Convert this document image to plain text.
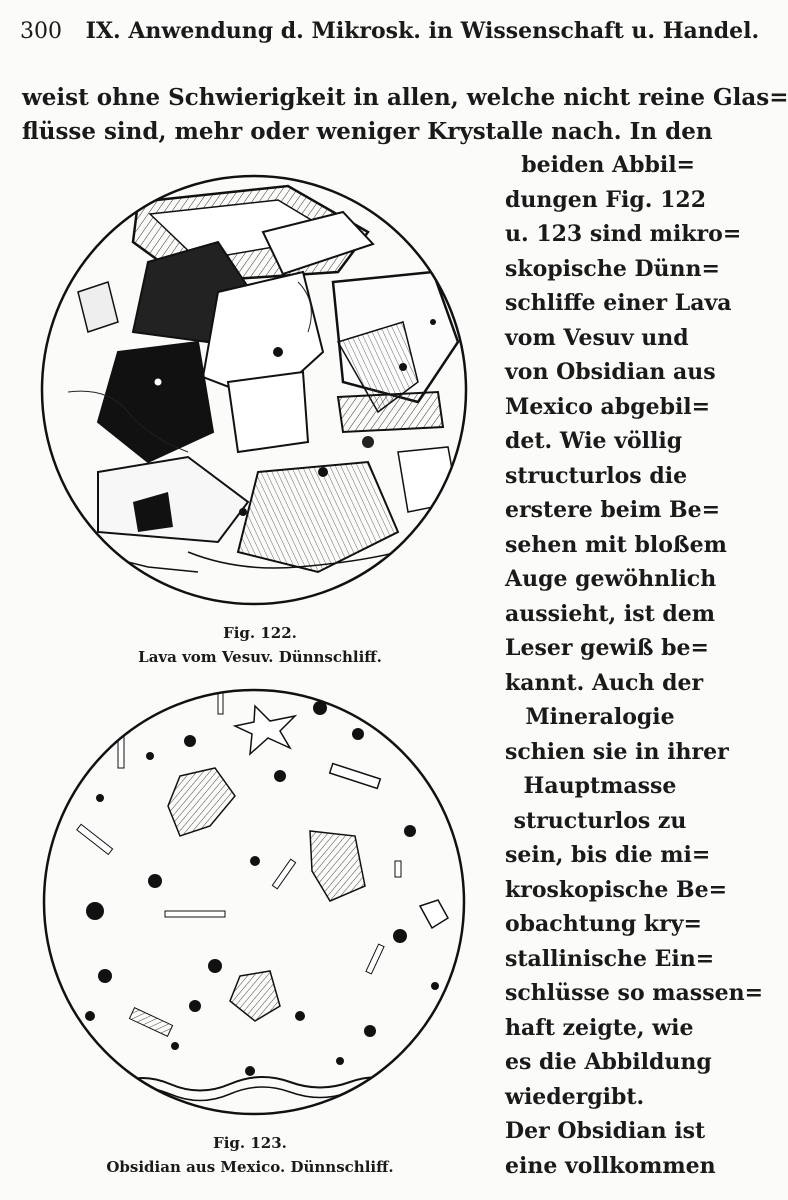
300 IX. Anwendung d. Mikrosk. in Wissenschaft u. Handel.
weist ohne Schwierigkeit in allen, welche nicht reine Glas=
flüsse sind, mehr oder weniger Krystalle nach. In den
beiden Abbil=
dungen Fig. 122
u. 123 sind mikro=
skopische Dünn=
schliffe einer Lava
vom Vesuv und
von Obsidian aus
Mexico abgebil=
det. Wie völlig
structurlos die
erstere beim Be=
sehen mit bloßem
Auge gewöhnlich
aussieht, ist dem
Leser gewiß be=
kannt. Auch der
Mineralogie
schien sie in ihrer
Hauptmasse
structurlos zu
sein, bis die mi=
kroskopische Be=
obachtung kry=
stallinische Ein=
schlüsse so massen=
haft zeigte, wie
es die Abbildung
wiedergibt.
Der Obsidian ist
eine vollkommen
Fig. 122.
Lava vom Vesuv. Dünnschliff.
Fig. 123.
Obsidian aus Mexico. Dünnschliff.
